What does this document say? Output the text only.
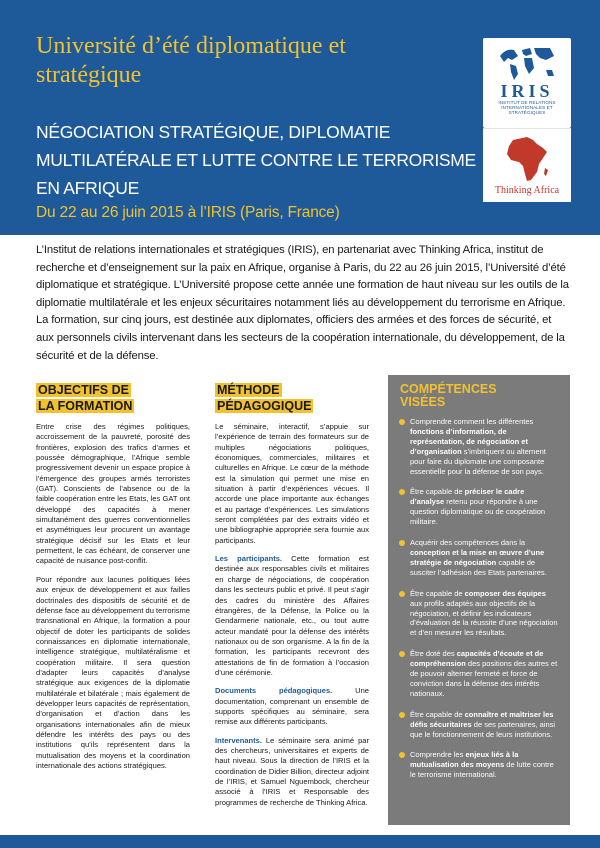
Université d’été diplomatique et stratégique
NÉGOCIATION STRATÉGIQUE, DIPLOMATIE MULTILATÉRALE ET LUTTE CONTRE LE TERRORISME EN AFRIQUE
Du 22 au 26 juin 2015 à l’IRIS (Paris, France)
IRIS
INSTITUT DE RELATIONS INTERNATIONALES ET STRATÉGIQUES
Thinking Africa
L’Institut de relations internationales et stratégiques (IRIS), en partenariat avec Thinking Africa, institut de recherche et d’enseignement sur la paix en Afrique, organise à Paris, du 22 au 26 juin 2015, l’Université d’été diplomatique et stratégique. L’Université propose cette année une formation de haut niveau sur les outils de la diplomatie multilatérale et les enjeux sécuritaires notamment liés au développement du terrorisme en Afrique. La formation, sur cinq jours, est destinée aux diplomates, officiers des armées et des forces de sécurité, et aux personnels civils intervenant dans les secteurs de la coopération internationale, du développement, de la sécurité et de la défense.
OBJECTIFS DE LA FORMATION

Entre crise des régimes politiques, accroissement de la pauvreté, porosité des frontières, explosion des trafics d’armes et poussée démographique, l’Afrique semble progressivement devenir un espace propice à l’émergence des groupes armés terroristes (GAT). Conscients de l’absence ou de la faible coopération entre les Etats, les GAT ont développé des capacités à mener simultanément des guerres conventionnelles et asymétriques leur procurent un avantage stratégique décisif sur les Etats et leur permettent, le cas échéant, de conserver une capacité de nuisance post-conflit.

Pour répondre aux lacunes politiques liées aux enjeux de développement et aux failles doctrinales des dispositifs de sécurité et de défense face au développement du terrorisme transnational en Afrique, la formation a pour objectif de doter les participants de solides connaissances en diplomatie internationale, intelligence stratégique, multilatéralisme et coopération militaire. Il sera question d’adapter leurs capacités d’analyse stratégique aux exigences de la diplomatie multilatérale et bilatérale ; mais également de développer leurs capacités de représentation, d’organisation et d’action dans les organisations internationales afin de mieux défendre les intérêts des pays ou des institutions qu’ils représentent dans la mutualisation des moyens et la coordination internationale des actions stratégiques.

MÉTHODE PÉDAGOGIQUE

Le séminaire, interactif, s’appuie sur l’expérience de terrain des formateurs sur de multiples négociations politiques, économiques, commerciales, militaires et culturelles en Afrique. Le cœur de la méthode est la simulation qui permet une mise en situation à partir d’expériences vécues. Il accorde une place importante aux échanges et au partage d’expériences. Les simulations seront complétées par des extraits vidéo et une bibliographie appropriée sera fournie aux participants.

Les participants. Cette formation est destinée aux responsables civils et militaires en charge de négociations, de coopération dans les secteurs public et privé. Il peut s’agir des cadres du ministère des Affaires étrangères, de la Défense, la Police ou la Gendarmerie nationale, etc., ou tout autre acteur mandaté pour la défense des intérêts nationaux ou de son organisme. A la fin de la formation, les participants recevront des attestations de fin de formation à l’occasion d’une cérémonie.

Documents pédagogiques. Une documentation, comprenant un ensemble de supports spécifiques au séminaire, sera remise aux différents participants.

Intervenants. Le séminaire sera animé par des chercheurs, universitaires et experts de haut niveau. Sous la direction de l’IRIS et la coordination de Didier Billion, directeur adjoint de l’IRIS, et Samuel Nguembock, chercheur associé à l’IRIS et Responsable des programmes de recherche de Thinking Africa.

COMPÉTENCES VISÉES
Comprendre comment les différentes fonctions d’information, de représentation, de négociation et d’organisation s’imbriquent ou alternent pour faire du diplomate une composante essentielle pour la défense de son pays.
Être capable de préciser le cadre d’analyse retenu pour répondre à une question diplomatique ou de coopération militaire.
Acquérir des compétences dans la conception et la mise en œuvre d’une stratégie de négociation capable de susciter l’adhésion des Etats partenaires.
Être capable de composer des équipes aux profils adaptés aux objectifs de la négociation, et définir les indicateurs d’évaluation de la réussite d’une négociation et d’en mesurer les résultats.
Être doté des capacités d’écoute et de compréhension des positions des autres et de pouvoir alterner fermeté et force de conviction dans la défense des intérêts nationaux.
Être capable de connaître et maîtriser les défis sécuritaires de ses partenaires, ainsi que le fonctionnement de leurs institutions.
Comprendre les enjeux liés à la mutualisation des moyens de lutte contre le terrorisme international.
